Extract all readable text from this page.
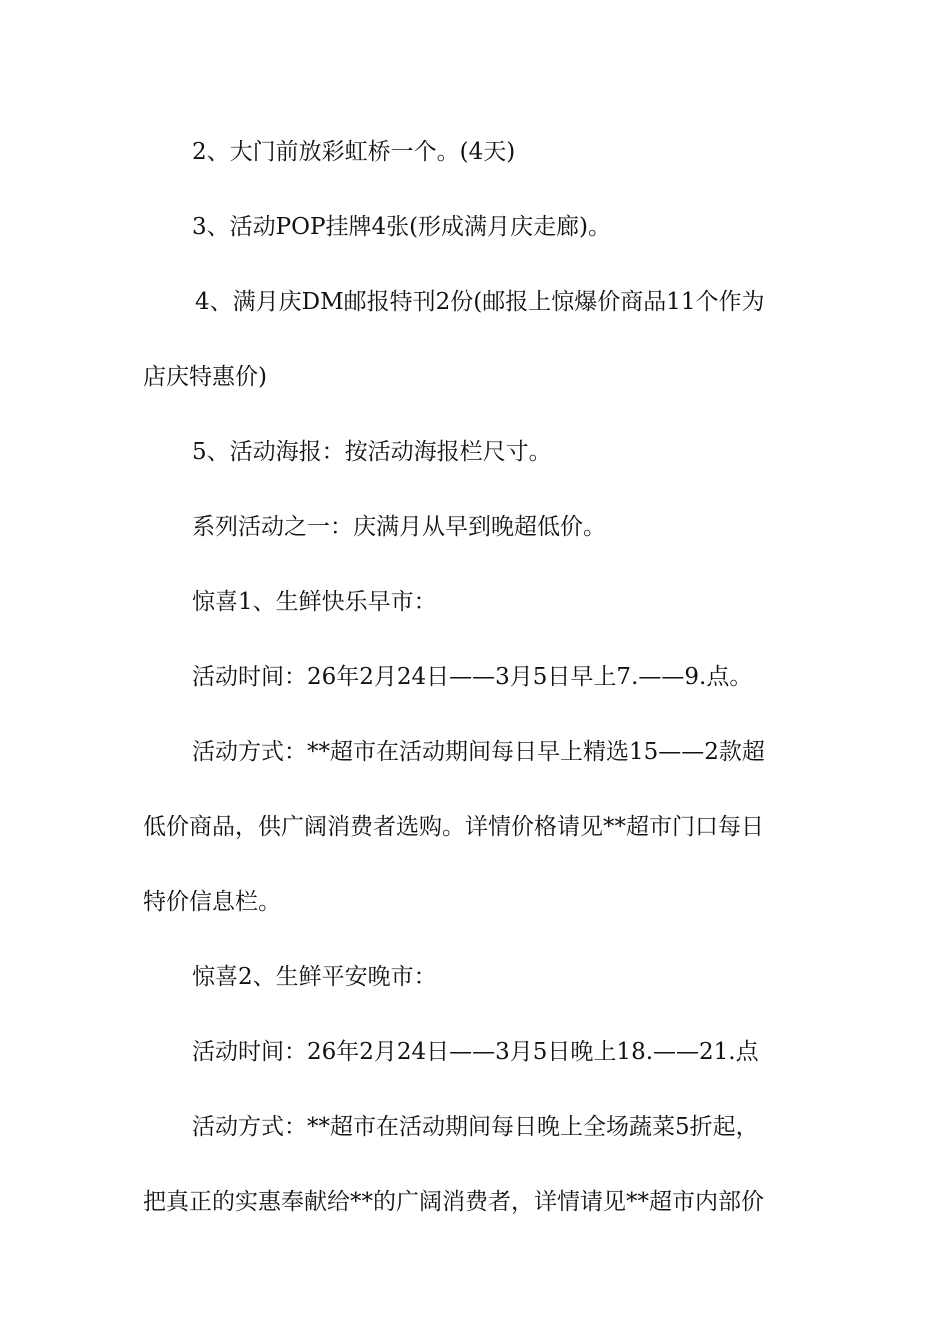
2、大门前放彩虹桥一个。(4天)
3、活动POP挂牌4张(形成满月庆走廊)。
4、满月庆DM邮报特刊2份(邮报上惊爆价商品11个作为
店庆特惠价)
5、活动海报：按活动海报栏尺寸。
系列活动之一：庆满月从早到晚超低价。
惊喜1、生鲜快乐早市：
活动时间：26年2月24日——3月5日早上7.——9.点。
活动方式：**超市在活动期间每日早上精选15——2款超
低价商品，供广阔消费者选购。详情价格请见**超市门口每日
特价信息栏。
惊喜2、生鲜平安晚市：
活动时间：26年2月24日——3月5日晚上18.——21.点
活动方式：**超市在活动期间每日晚上全场蔬菜5折起，
把真正的实惠奉献给**的广阔消费者，详情请见**超市内部价
